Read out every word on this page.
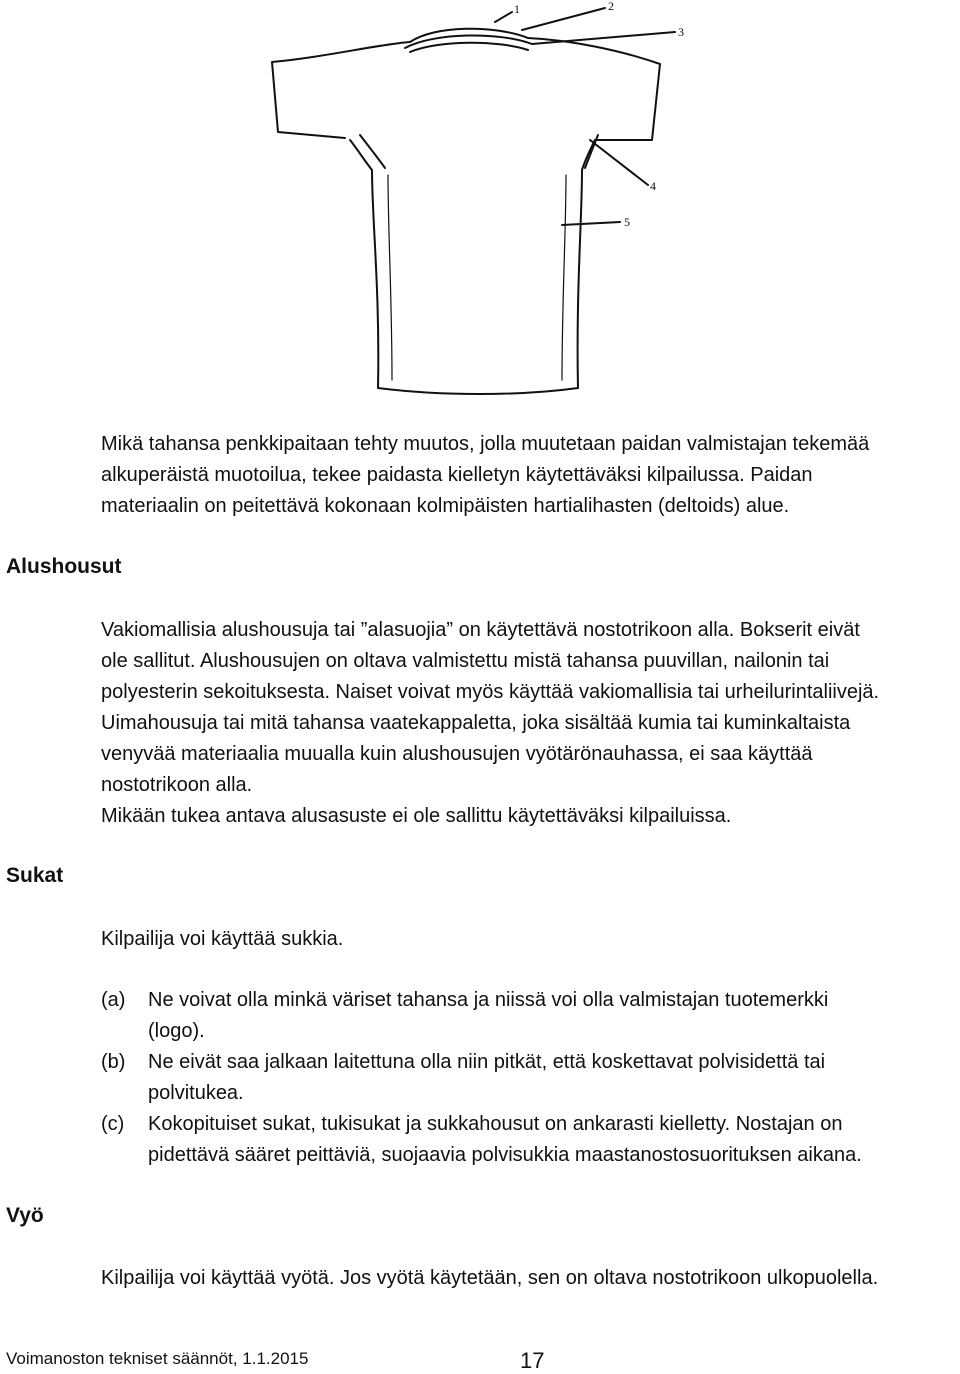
1	2
3
4
5

Mikä tahansa penkkipaitaan tehty muutos, jolla muutetaan paidan valmistajan tekemää

alkuperäistä muotoilua, tekee paidasta kielletyn käytettäväksi kilpailussa. Paidan

materiaalin on peitettävä kokonaan kolmipäisten hartialihasten (deltoids) alue.

Alushousut

Vakiomallisia alushousuja tai ”alasuojia” on käytettävä nostotrikoon alla. Bokserit eivät

ole sallitut. Alushousujen on oltava valmistettu mistä tahansa puuvillan, nailonin tai

polyesterin sekoituksesta. Naiset voivat myös käyttää vakiomallisia tai urheilurintaliivejä.

Uimahousuja tai mitä tahansa vaatekappaletta, joka sisältää kumia tai kuminkaltaista

venyvää materiaalia muualla kuin alushousujen vyötärönauhassa, ei saa käyttää

nostotrikoon alla.

Mikään tukea antava alusasuste ei ole sallittu käytettäväksi kilpailuissa.

Sukat
Kilpailija voi käyttää sukkia.
(a) Ne voivat olla minkä väriset tahansa ja niissä voi olla valmistajan tuotemerkki
(logo).
(b) Ne eivät saa jalkaan laitettuna olla niin pitkät, että koskettavat polvisidettä tai
polvitukea.
(c) Kokopituiset sukat, tukisukat ja sukkahousut on ankarasti kielletty. Nostajan on
pidettävä sääret peittäviä, suojaavia polvisukkia maastanostosuorituksen aikana.
Vyö
Kilpailija voi käyttää vyötä. Jos vyötä käytetään, sen on oltava nostotrikoon ulkopuolella.
Voimanoston tekniset säännöt, 1.1.2015	17
